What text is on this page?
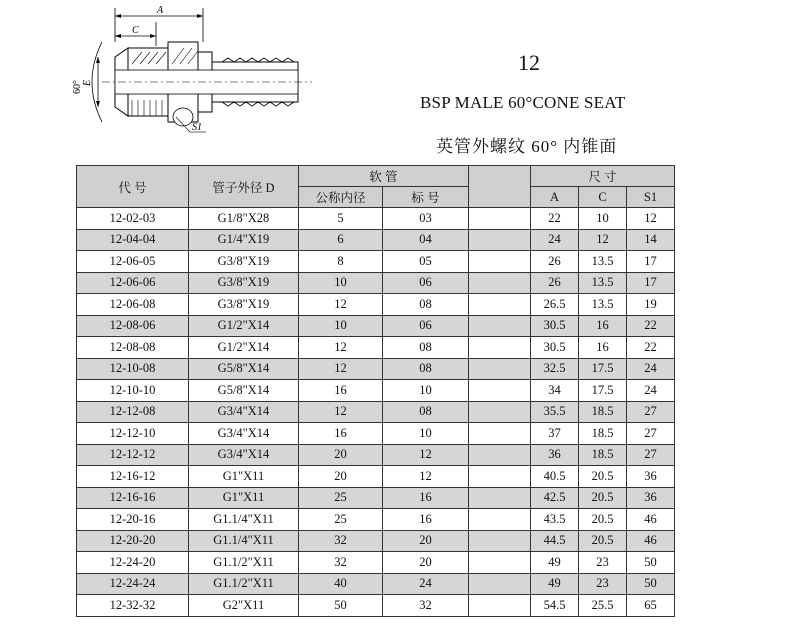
A
C
E
60°
S1
12
BSP MALE 60°CONE SEAT
英管外螺纹 60° 内锥面
代 号	管子外径 D	软 管			尺 寸			
		公称内径	标 号		A	C	S1	
12-02-03	G1/8"X28	5	03		22	10	12	
12-04-04	G1/4"X19	6	04		24	12	14	
12-06-05	G3/8"X19	8	05		26	13.5	17	
12-06-06	G3/8"X19	10	06		26	13.5	17	
12-06-08	G3/8"X19	12	08		26.5	13.5	19	
12-08-06	G1/2"X14	10	06		30.5	16	22	
12-08-08	G1/2"X14	12	08		30.5	16	22	
12-10-08	G5/8"X14	12	08		32.5	17.5	24	
12-10-10	G5/8"X14	16	10		34	17.5	24	
12-12-08	G3/4"X14	12	08		35.5	18.5	27	
12-12-10	G3/4"X14	16	10		37	18.5	27	
12-12-12	G3/4"X14	20	12		36	18.5	27	
12-16-12	G1"X11	20	12		40.5	20.5	36	
12-16-16	G1"X11	25	16		42.5	20.5	36	
12-20-16	G1.1/4"X11	25	16		43.5	20.5	46	
12-20-20	G1.1/4"X11	32	20		44.5	20.5	46	
12-24-20	G1.1/2"X11	32	20		49	23	50	
12-24-24	G1.1/2"X11	40	24		49	23	50	
12-32-32	G2"X11	50	32		54.5	25.5	65	
